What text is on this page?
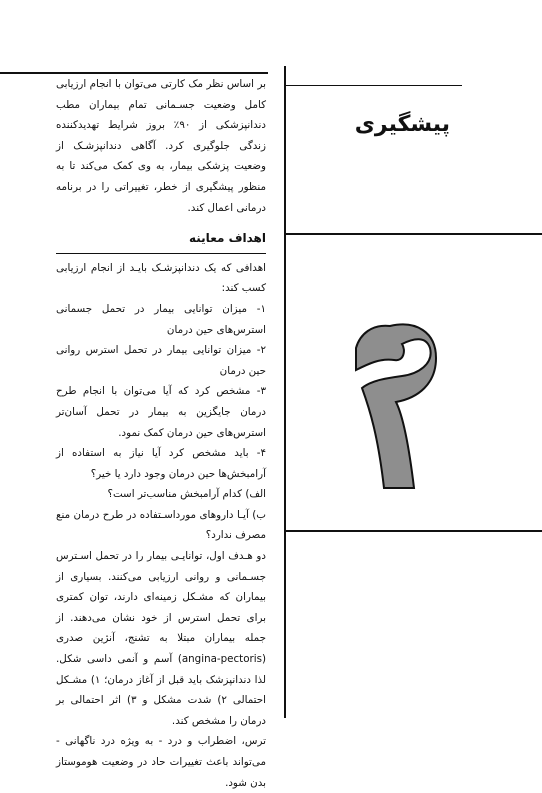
پیشگیری

بر اساس نظر مک کارتی می‌توان با انجام ارزیابی کامل وضعیت جسـمانی تمام بیماران مطب دندانپزشکی از ۹۰٪ بروز شرایط تهدیدکننده زندگی جلوگیری کرد. آگاهی دندانپزشـک از وضعیت پزشکی بیمار، به وی کمک می‌کند تا به منظور پیشگیری از خطر، تغییراتی را در برنامه درمانی اعمال کند.

اهداف معاینه

اهدافی که یک دندانپزشـک بایـد از انجام ارزیابی کسب کند:

۱- میزان توانایی بیمار در تحمل جسمانی استرس‌های حین درمان

۲- میزان توانایی بیمار در تحمل استرس روانی حین درمان

۳- مشخص کرد که آیا می‌توان با انجام طرح درمان جایگزین به بیمار در تحمل آسان‌تر استرس‌های حین درمان کمک نمود.

۴- باید مشخص کرد آیا نیاز به استفاده از آرامبخش‌ها حین درمان وجود دارد یا خیر؟

الف) کدام آرامبخش مناسب‌تر است؟

ب) آیـا داروهای مورداسـتفاده در طرح درمان منع مصرف ندارد؟

دو هـدف اول، توانایـی بیمار را در تحمل اسـترس جسـمانی و روانی ارزیابی می‌کنند. بسیاری از بیماران که مشـکل زمینه‌ای دارند، توان کمتری برای تحمل استرس از خود نشان می‌دهند. از جمله بیماران مبتلا به تشنج، آنژین صدری (angina-pectoris) آسم و آنمی داسی شکل. لذا دندانپزشک باید قبل از آغاز درمان؛ ۱) مشـکل احتمالی ۲) شدت مشکل و ۳) اثر احتمالی بر درمان را مشخص کند.

ترس، اضطراب و درد - به ویژه درد ناگهانی - می‌تواند باعث تغییرات حاد در وضعیت هوموستاز بدن شود.
